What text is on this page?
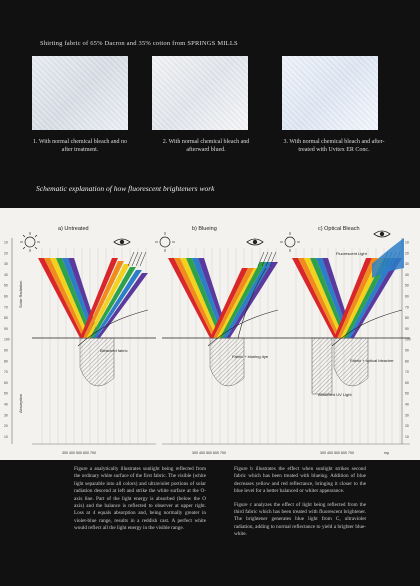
Shirting fabric of 65% Dacron and 35% cotton from SPRINGS MILLS
1. With normal chemical bleach and no after treatment.
2. With normal chemical bleach and afterward blued.
3. With normal chemical bleach and after-treated with Uvitex ER Conc.
Schematic explanation of how fluorescent brighteners work
10
20
30
40
50
60
70
80
90
100
90
80
70
60
50
40
30
20
10
10
20
30
40
50
60
70
80
90
100
90
80
70
60
50
40
30
20
10
Solar Radiation
Absorption
a) Untreated
Bleached fabric
b) Blueing
Fabric + blueing dye
c) Optical Bleach
Fluorescent Light
Fabric + optical bleacher
Absorbed UV Light
300 400 500 600 700	300 400 500 600 700	300 400 500 600 700	mμ
Figure a analytically illustrates sunlight being reflected from the ordinary white surface of the first fabric. The visible (white light separable into all colors) and ultraviolet portions of solar radiation descend at left and strike the white surface at the O-axis line. Part of the light energy is absorbed (below the O axis) and the balance is reflected to observer at upper right. Loss at 4 equals absorption and, being normally greater in violet-blue range, results in a reddish cast. A perfect white would reflect all the light energy in the visible range.

Figure b illustrates the effect when sunlight strikes second fabric which has been treated with blueing. Addition of blue decreases yellow and red reflectance, bringing it closer to the blue level for a better balanced or whiter appearance.

Figure c analyzes the effect of light being reflected from the third fabric which has been treated with fluorescent brightener. The brightener generates blue light from C, ultraviolet radiation, adding to normal reflectance to yield a brighter blue-white.
